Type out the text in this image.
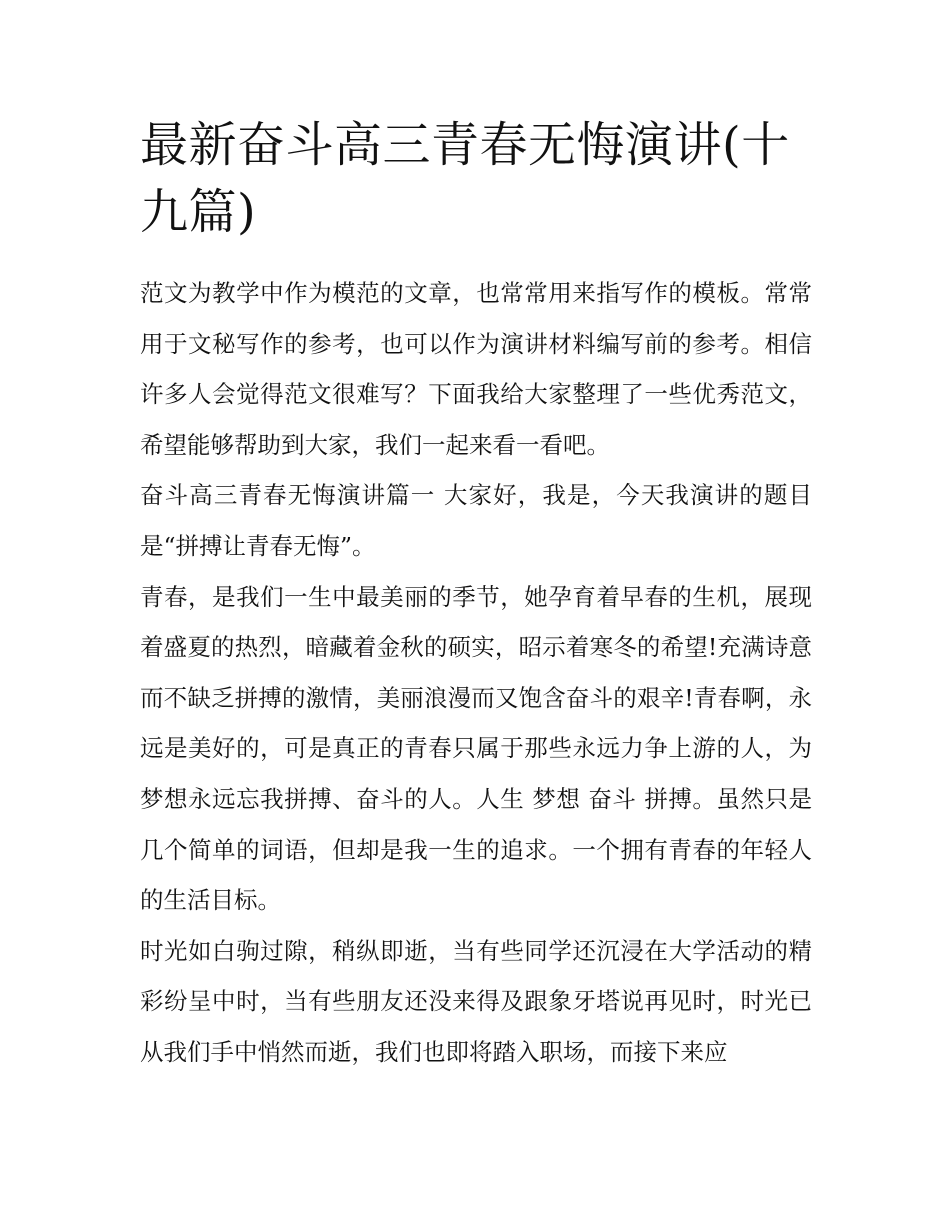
最新奋斗高三青春无悔演讲(十九篇)

范文为教学中作为模范的文章，也常常用来指写作的模板。常常用于文秘写作的参考，也可以作为演讲材料编写前的参考。相信许多人会觉得范文很难写？下面我给大家整理了一些优秀范文，希望能够帮助到大家，我们一起来看一看吧。

奋斗高三青春无悔演讲篇一 大家好，我是，今天我演讲的题目是“拼搏让青春无悔”。

青春，是我们一生中最美丽的季节，她孕育着早春的生机，展现着盛夏的热烈，暗藏着金秋的硕实，昭示着寒冬的希望!充满诗意而不缺乏拼搏的激情，美丽浪漫而又饱含奋斗的艰辛!青春啊，永远是美好的，可是真正的青春只属于那些永远力争上游的人，为梦想永远忘我拼搏、奋斗的人。人生 梦想 奋斗 拼搏。虽然只是几个简单的词语，但却是我一生的追求。一个拥有青春的年轻人的生活目标。

时光如白驹过隙，稍纵即逝，当有些同学还沉浸在大学活动的精彩纷呈中时，当有些朋友还没来得及跟象牙塔说再见时，时光已从我们手中悄然而逝，我们也即将踏入职场，而接下来应
